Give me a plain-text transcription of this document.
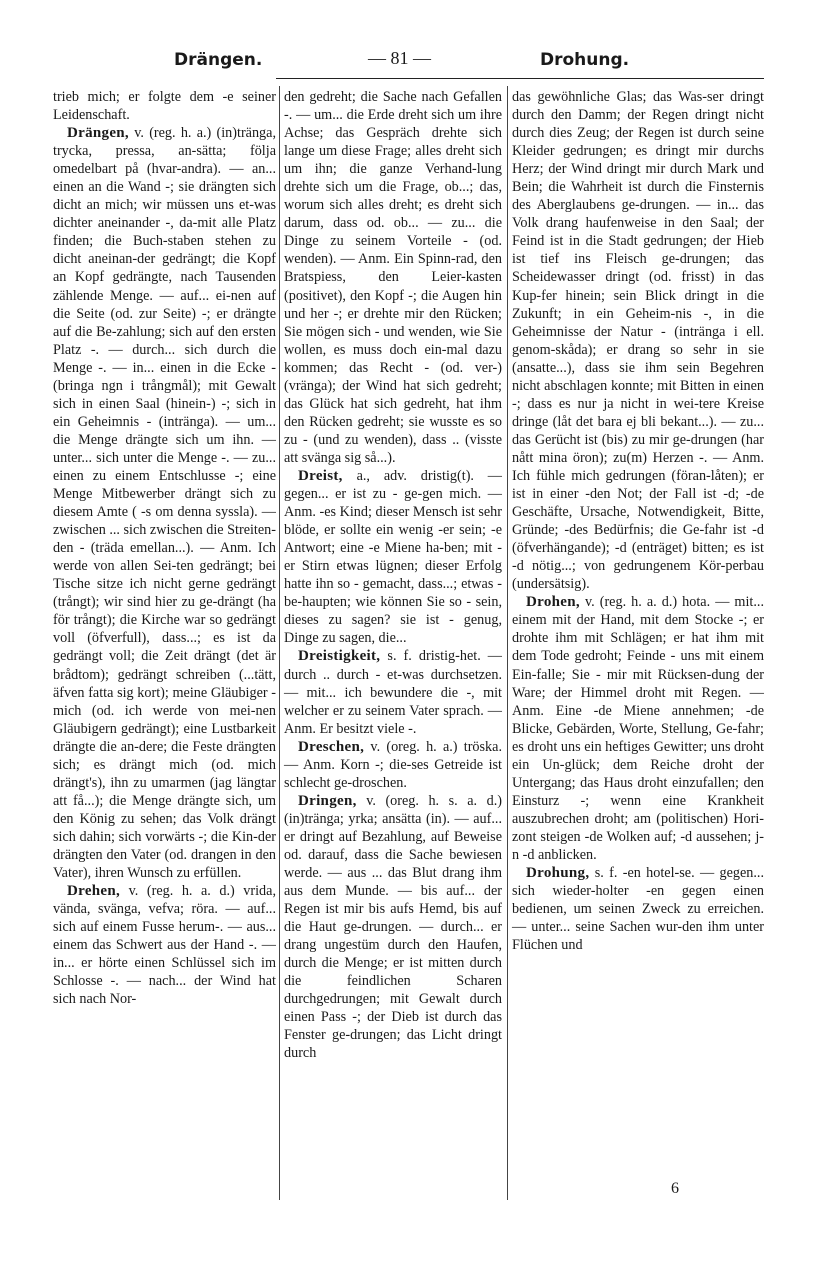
Drängen.	— 81 —	Drohung.

trieb mich; er folgte dem -e seiner Leidenschaft.

Drängen, v. (reg. h. a.) (in)tränga, trycka, pressa, an-sätta; följa omedelbart på (hvar-andra). — an... einen an die Wand -; sie drängten sich dicht an mich; wir müssen uns et-was dichter aneinander -, da-mit alle Platz finden; die Buch-staben stehen zu dicht aneinan-der gedrängt; die Kopf an Kopf gedrängte, nach Tausenden zählende Menge. — auf... ei-nen auf die Seite (od. zur Seite) -; er drängte auf die Be-zahlung; sich auf den ersten Platz -. — durch... sich durch die Menge -. — in... einen in die Ecke - (bringa ngn i trångmål); mit Gewalt sich in einen Saal (hinein-) -; sich in ein Geheimnis - (intränga). — um... die Menge drängte sich um ihn. — unter... sich unter die Menge -. — zu... einen zu einem Entschlusse -; eine Menge Mitbewerber drängt sich zu diesem Amte ( -s om denna syssla). — zwischen ... sich zwischen die Streiten-den - (träda emellan...). — Anm. Ich werde von allen Sei-ten gedrängt; bei Tische sitze ich nicht gerne gedrängt (trångt); wir sind hier zu ge-drängt (ha för trångt); die Kirche war so gedrängt voll (öfverfull), dass...; es ist da gedrängt voll; die Zeit drängt (det är brådtom); gedrängt schreiben (...tätt, äfven fatta sig kort); meine Gläubiger - mich (od. ich werde von mei-nen Gläubigern gedrängt); eine Lustbarkeit drängte die an-dere; die Feste drängten sich; es drängt mich (od. mich drängt's), ihn zu umarmen (jag längtar att få...); die Menge drängte sich, um den König zu sehen; das Volk drängt sich dahin; sich vorwärts -; die Kin-der drängten den Vater (od. drangen in den Vater), ihren Wunsch zu erfüllen.

Drehen, v. (reg. h. a. d.) vrida, vända, svänga, vefva; röra. — auf... sich auf einem Fusse herum-. — aus... einem das Schwert aus der Hand -. — in... er hörte einen Schlüssel sich im Schlosse -. — nach... der Wind hat sich nach Nor-

den gedreht; die Sache nach Gefallen -. — um... die Erde dreht sich um ihre Achse; das Gespräch drehte sich lange um diese Frage; alles dreht sich um ihn; die ganze Verhand-lung drehte sich um die Frage, ob...; das, worum sich alles dreht; es dreht sich darum, dass od. ob... — zu... die Dinge zu seinem Vorteile - (od. wenden). — Anm. Ein Spinn-rad, den Bratspiess, den Leier-kasten (positivet), den Kopf -; die Augen hin und her -; er drehte mir den Rücken; Sie mögen sich - und wenden, wie Sie wollen, es muss doch ein-mal dazu kommen; das Recht - (od. ver-) (vränga); der Wind hat sich gedreht; das Glück hat sich gedreht, hat ihm den Rücken gedreht; sie wusste es so zu - (und zu wenden), dass .. (visste att svänga sig så...).

Dreist, a., adv. dristig(t). — gegen... er ist zu - ge-gen mich. — Anm. -es Kind; dieser Mensch ist sehr blöde, er sollte ein wenig -er sein; -e Antwort; eine -e Miene ha-ben; mit -er Stirn etwas lügnen; dieser Erfolg hatte ihn so - gemacht, dass...; etwas - be-haupten; wie können Sie so - sein, dieses zu sagen? sie ist - genug, Dinge zu sagen, die...

Dreistigkeit, s. f. dristig-het. — durch .. durch - et-was durchsetzen. — mit... ich bewundere die -, mit welcher er zu seinem Vater sprach. — Anm. Er besitzt viele -.

Dreschen, v. (oreg. h. a.) tröska. — Anm. Korn -; die-ses Getreide ist schlecht ge-droschen.

Dringen, v. (oreg. h. s. a. d.) (in)tränga; yrka; ansätta (in). — auf... er dringt auf Bezahlung, auf Beweise od. darauf, dass die Sache bewiesen werde. — aus ... das Blut drang ihm aus dem Munde. — bis auf... der Regen ist mir bis aufs Hemd, bis auf die Haut ge-drungen. — durch... er drang ungestüm durch den Haufen, durch die Menge; er ist mitten durch die feindlichen Scharen durchgedrungen; mit Gewalt durch einen Pass -; der Dieb ist durch das Fenster ge-drungen; das Licht dringt durch

das gewöhnliche Glas; das Was-ser dringt durch den Damm; der Regen dringt nicht durch dies Zeug; der Regen ist durch seine Kleider gedrungen; es dringt mir durchs Herz; der Wind dringt mir durch Mark und Bein; die Wahrheit ist durch die Finsternis des Aberglaubens ge-drungen. — in... das Volk drang haufenweise in den Saal; der Feind ist in die Stadt gedrungen; der Hieb ist tief ins Fleisch ge-drungen; das Scheidewasser dringt (od. frisst) in das Kup-fer hinein; sein Blick dringt in die Zukunft; in ein Geheim-nis -, in die Geheimnisse der Natur - (intränga i ell. genom-skåda); er drang so sehr in sie (ansatte...), dass sie ihm sein Begehren nicht abschlagen konnte; mit Bitten in einen -; dass es nur ja nicht in wei-tere Kreise dringe (låt det bara ej bli bekant...). — zu... das Gerücht ist (bis) zu mir ge-drungen (har nått mina öron); zu(m) Herzen -. — Anm. Ich fühle mich gedrungen (föran-låten); er ist in einer -den Not; der Fall ist -d; -de Geschäfte, Ursache, Notwendigkeit, Bitte, Gründe; -des Bedürfnis; die Ge-fahr ist -d (öfverhängande); -d (enträget) bitten; es ist -d nötig...; von gedrungenem Kör-perbau (undersätsig).

Drohen, v. (reg. h. a. d.) hota. — mit... einem mit der Hand, mit dem Stocke -; er drohte ihm mit Schlägen; er hat ihm mit dem Tode gedroht; Feinde - uns mit einem Ein-falle; Sie - mir mit Rücksen-dung der Ware; der Himmel droht mit Regen. — Anm. Eine -de Miene annehmen; -de Blicke, Gebärden, Worte, Stellung, Ge-fahr; es droht uns ein heftiges Gewitter; uns droht ein Un-glück; dem Reiche droht der Untergang; das Haus droht einzufallen; den Einsturz -; wenn eine Krankheit auszubrechen droht; am (politischen) Hori-zont steigen -de Wolken auf; -d aussehen; j-n -d anblicken.

Drohung, s. f. -en hotel-se. — gegen... sich wieder-holter -en gegen einen bedienen, um seinen Zweck zu erreichen. — unter... seine Sachen wur-den ihm unter Flüchen und

6
